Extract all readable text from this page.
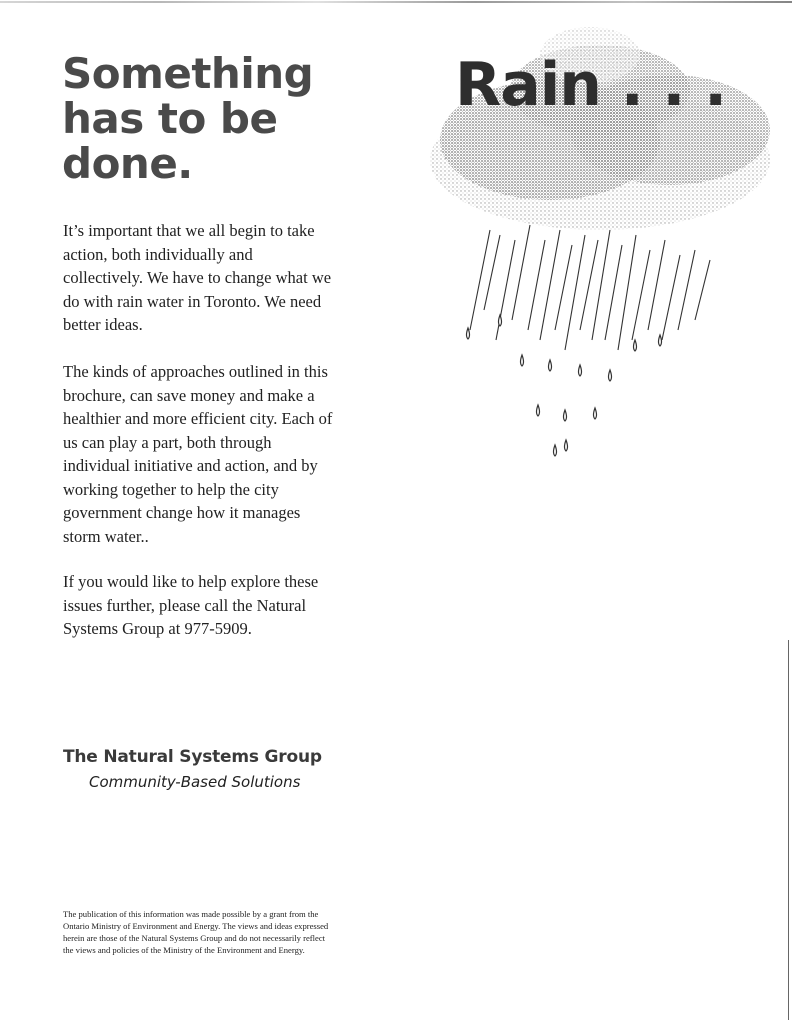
Something
has to be
done.

It’s important that we all begin to take action, both individually and collectively. We have to change what we do with rain water in Toronto. We need better ideas.

The kinds of approaches outlined in this brochure, can save money and make a healthier and more efficient city. Each of us can play a part, both through individual initiative and action, and by working together to help the city government change how it manages storm water..

If you would like to help explore these issues further, please call the Natural Systems Group at 977-5909.

The Natural Systems Group
Community-Based Solutions

The publication of this information was made possible by a grant from the Ontario Ministry of Environment and Energy. The views and ideas expressed herein are those of the Natural Systems Group and do not necessarily reflect the views and policies of the Ministry of the Environment and Energy.

Rain . . .
